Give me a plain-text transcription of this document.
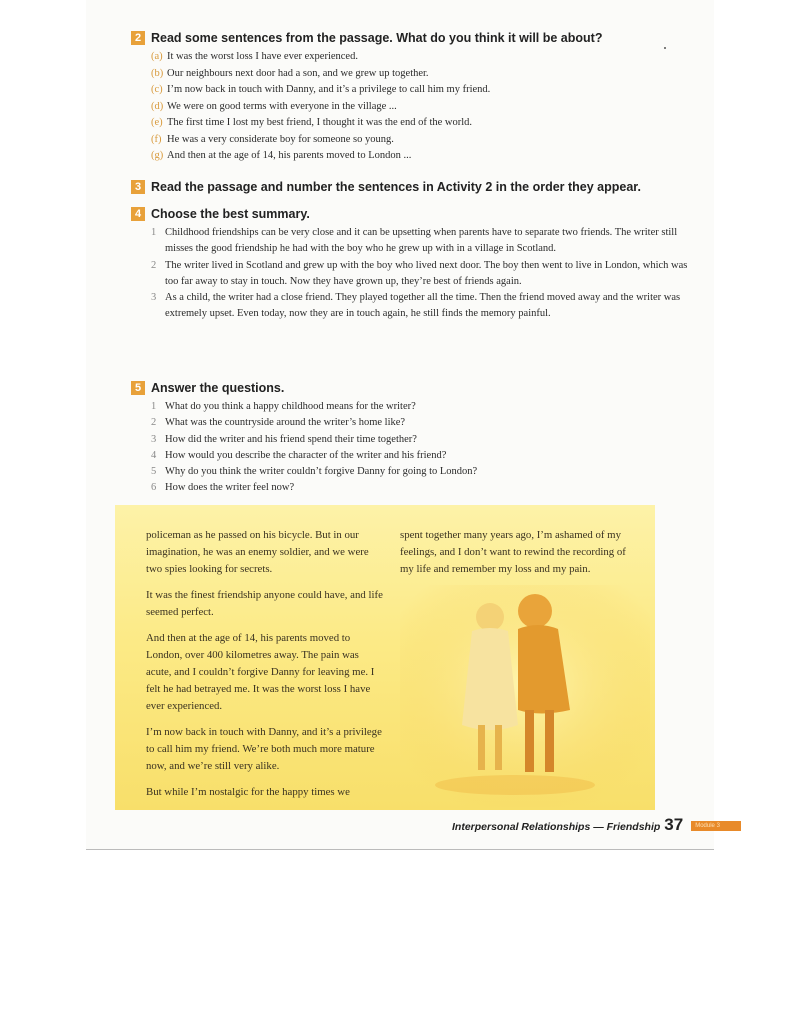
2 Read some sentences from the passage. What do you think it will be about?
(a) It was the worst loss I have ever experienced.
(b) Our neighbours next door had a son, and we grew up together.
(c) I’m now back in touch with Danny, and it’s a privilege to call him my friend.
(d) We were on good terms with everyone in the village ...
(e) The first time I lost my best friend, I thought it was the end of the world.
(f) He was a very considerate boy for someone so young.
(g) And then at the age of 14, his parents moved to London ...
3 Read the passage and number the sentences in Activity 2 in the order they appear.
4 Choose the best summary.
1 Childhood friendships can be very close and it can be upsetting when parents have to separate two friends. The writer still misses the good friendship he had with the boy who he grew up with in a village in Scotland.
2 The writer lived in Scotland and grew up with the boy who lived next door. The boy then went to live in London, which was too far away to stay in touch. Now they have grown up, they’re best of friends again.
3 As a child, the writer had a close friend. They played together all the time. Then the friend moved away and the writer was extremely upset. Even today, now they are in touch again, he still finds the memory painful.
5 Answer the questions.
1 What do you think a happy childhood means for the writer?
2 What was the countryside around the writer’s home like?
3 How did the writer and his friend spend their time together?
4 How would you describe the character of the writer and his friend?
5 Why do you think the writer couldn’t forgive Danny for going to London?
6 How does the writer feel now?

policeman as he passed on his bicycle. But in our imagination, he was an enemy soldier, and we were two spies looking for secrets.

It was the finest friendship anyone could have, and life seemed perfect.

And then at the age of 14, his parents moved to London, over 400 kilometres away. The pain was acute, and I couldn’t forgive Danny for leaving me. I felt he had betrayed me. It was the worst loss I have ever experienced.

I’m now back in touch with Danny, and it’s a privilege to call him my friend. We’re both much more mature now, and we’re still very alike.

But while I’m nostalgic for the happy times we

spent together many years ago, I’m ashamed of my feelings, and I don’t want to rewind the recording of my life and remember my loss and my pain.

Interpersonal Relationships — Friendship 37	Module 3
